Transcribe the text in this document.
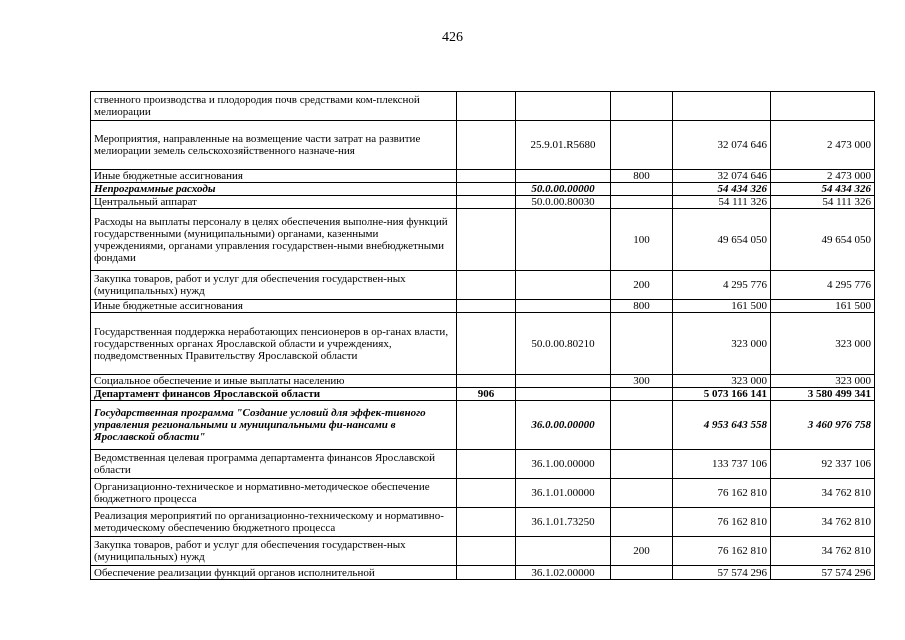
426
ственного производства и плодородия почв средствами ком-плексной мелиорации					
Мероприятия, направленные на возмещение части затрат на развитие мелиорации земель сельскохозяйственного назначе-ния		25.9.01.R5680		32 074 646	2 473 000
Иные бюджетные ассигнования			800	32 074 646	2 473 000
Непрограммные расходы		50.0.00.00000		54 434 326	54 434 326
Центральный аппарат		50.0.00.80030		54 111 326	54 111 326
Расходы на выплаты персоналу в целях обеспечения выполне-ния функций государственными (муниципальными) органами, казенными учреждениями, органами управления государствен-ными внебюджетными фондами			100	49 654 050	49 654 050
Закупка товаров, работ и услуг для обеспечения государствен-ных (муниципальных) нужд			200	4 295 776	4 295 776
Иные бюджетные ассигнования			800	161 500	161 500
Государственная поддержка неработающих пенсионеров в ор-ганах власти, государственных органах Ярославской области и учреждениях, подведомственных Правительству Ярославской области		50.0.00.80210		323 000	323 000
Социальное обеспечение и иные выплаты населению			300	323 000	323 000
Департамент финансов Ярославской области	906			5 073 166 141	3 580 499 341
Государственная программа "Создание условий для эффек-тивного управления региональными и муниципальными фи-нансами в Ярославской области"		36.0.00.00000		4 953 643 558	3 460 976 758
Ведомственная целевая программа департамента финансов Ярославской области		36.1.00.00000		133 737 106	92 337 106
Организационно-техническое и нормативно-методическое обеспечение бюджетного процесса		36.1.01.00000		76 162 810	34 762 810
Реализация мероприятий по организационно-техническому и нормативно-методическому обеспечению бюджетного процесса		36.1.01.73250		76 162 810	34 762 810
Закупка товаров, работ и услуг для обеспечения государствен-ных (муниципальных) нужд			200	76 162 810	34 762 810
Обеспечение реализации функций органов исполнительной		36.1.02.00000		57 574 296	57 574 296
